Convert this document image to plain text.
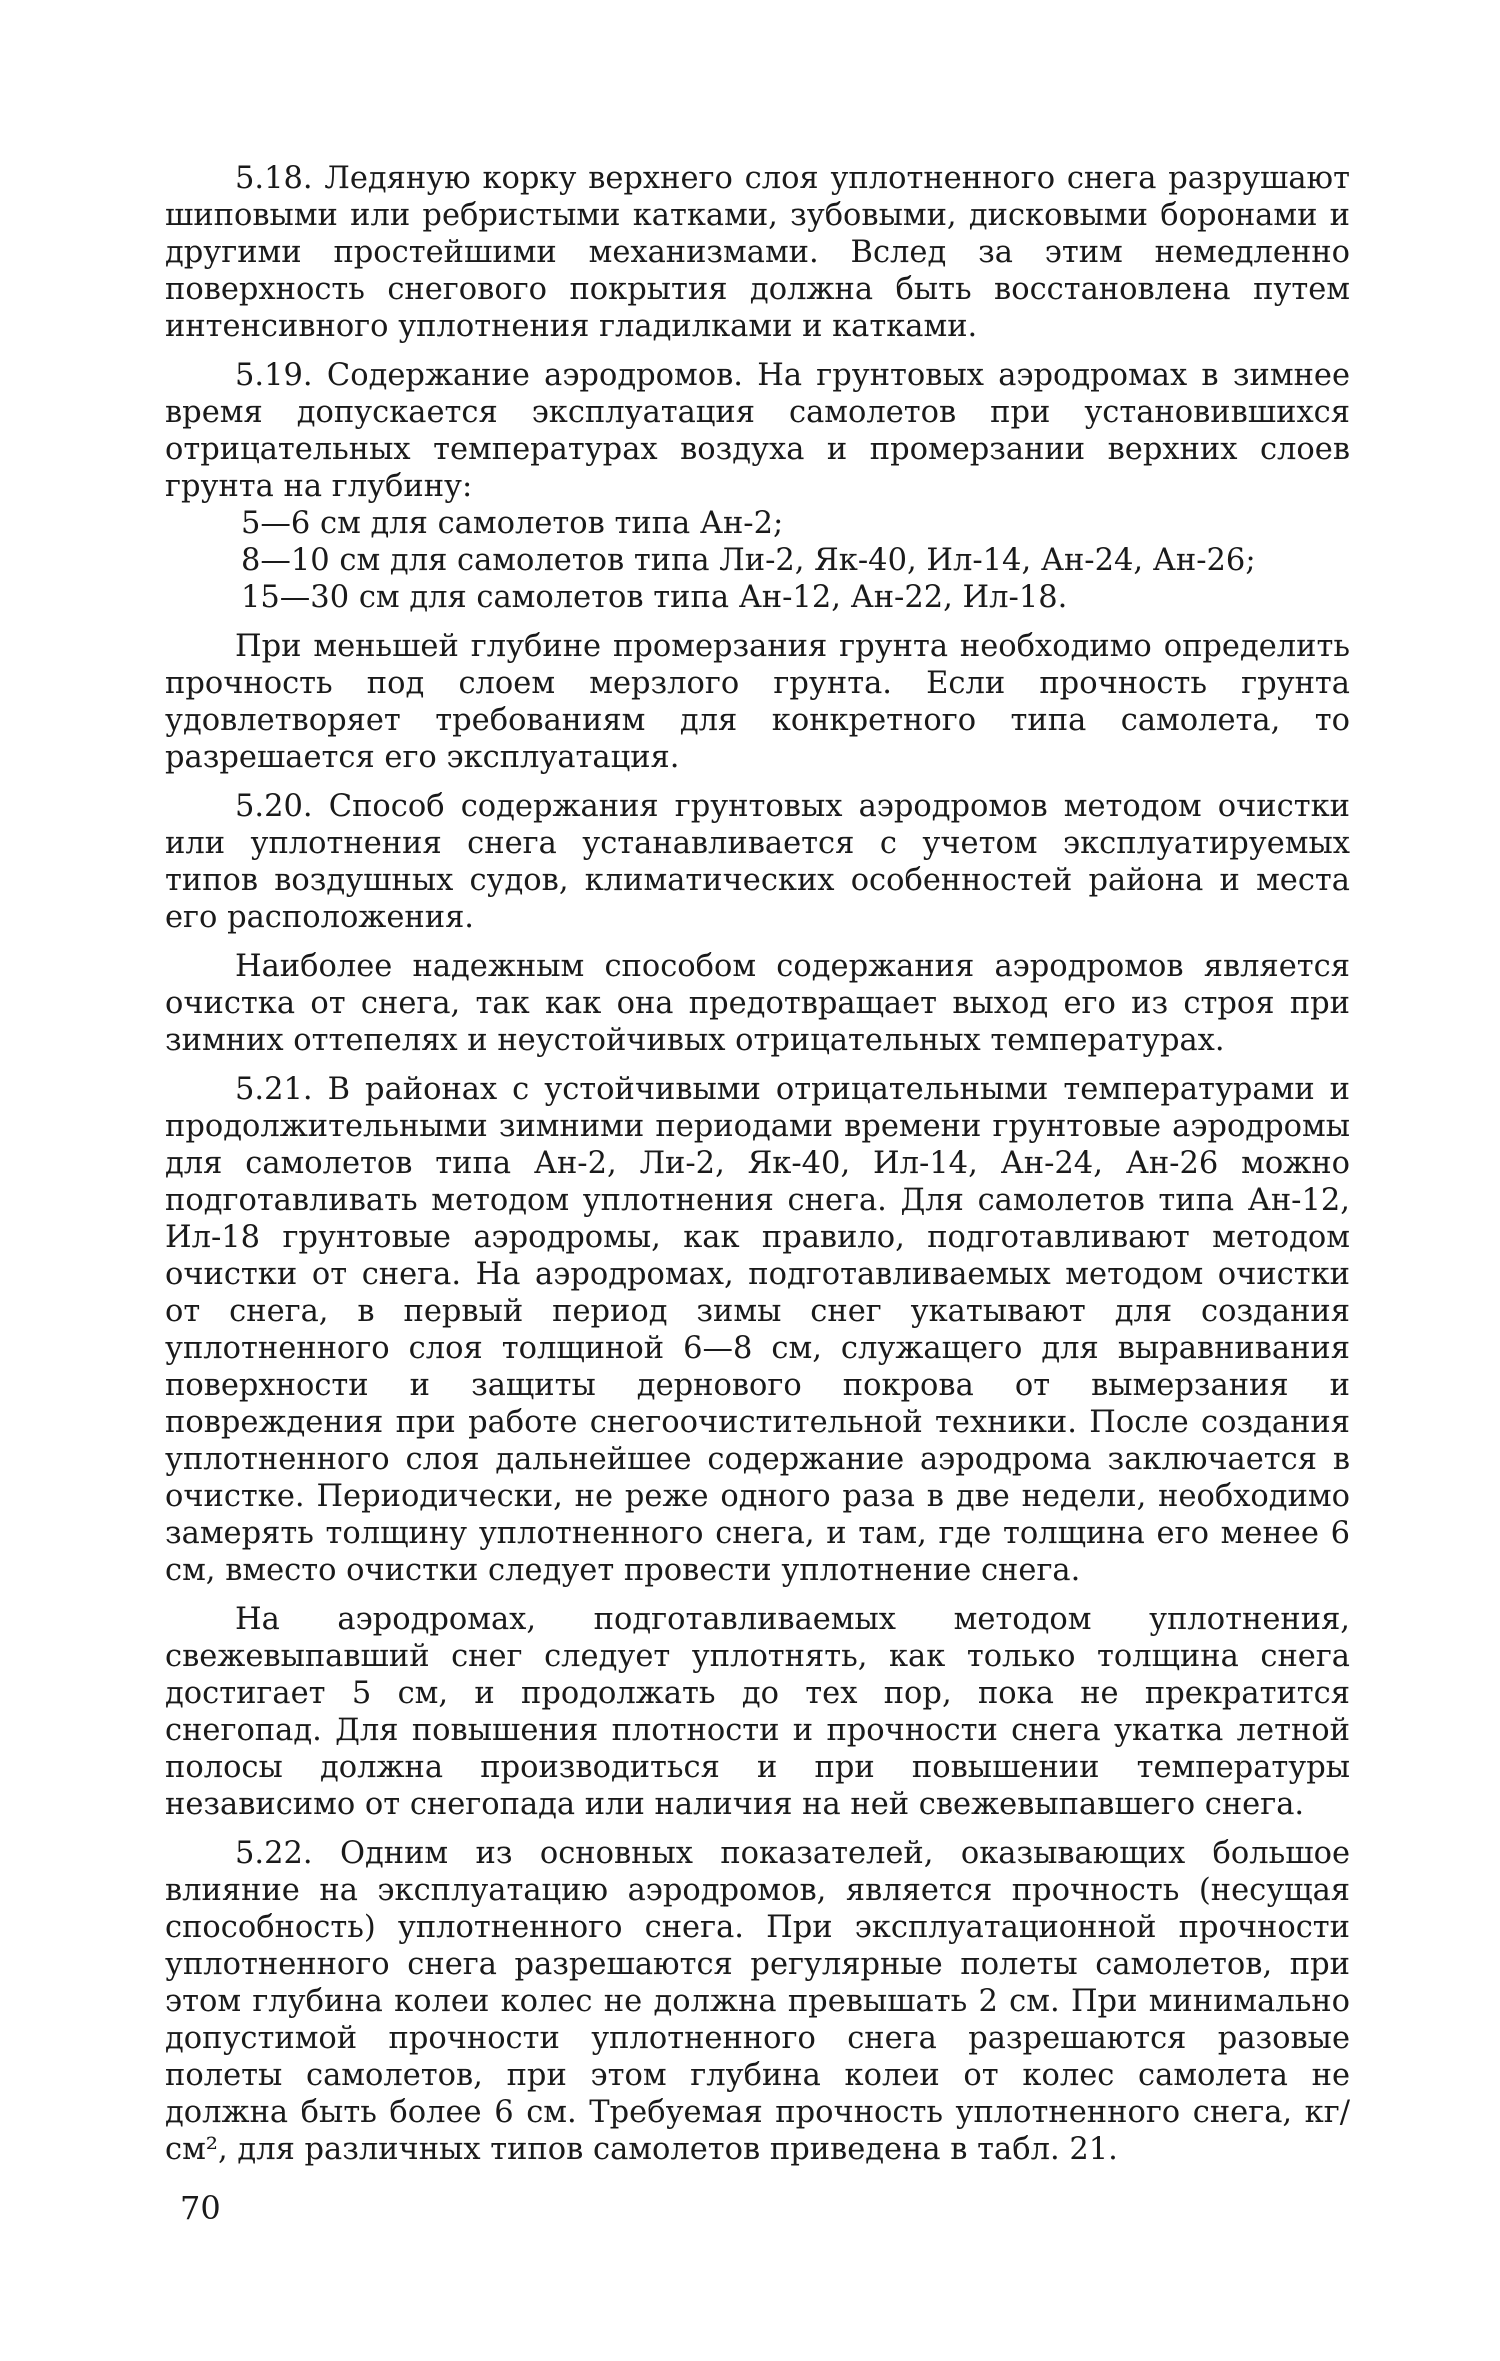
5.18. Ледяную корку верхнего слоя уплотненного снега разрушают шиповыми или ребристыми катками, зубовыми, дисковыми боронами и другими простейшими механизмами. Вслед за этим немедленно поверхность снегового покрытия должна быть восстановлена путем интенсивного уплотнения гладилками и катками.

5.19. Содержание аэродромов. На грунтовых аэродромах в зимнее время допускается эксплуатация самолетов при установившихся отрицательных температурах воздуха и промерзании верхних слоев грунта на глубину:

5—6 см для самолетов типа Ан-2;

8—10 см для самолетов типа Ли-2, Як-40, Ил-14, Ан-24, Ан-26;

15—30 см для самолетов типа Ан-12, Ан-22, Ил-18.

При меньшей глубине промерзания грунта необходимо определить прочность под слоем мерзлого грунта. Если прочность грунта удовлетворяет требованиям для конкретного типа самолета, то разрешается его эксплуатация.

5.20. Способ содержания грунтовых аэродромов методом очистки или уплотнения снега устанавливается с учетом эксплуатируемых типов воздушных судов, климатических особенностей района и места его расположения.

Наиболее надежным способом содержания аэродромов является очистка от снега, так как она предотвращает выход его из строя при зимних оттепелях и неустойчивых отрицательных температурах.

5.21. В районах с устойчивыми отрицательными температурами и продолжительными зимними периодами времени грунтовые аэродромы для самолетов типа Ан-2, Ли-2, Як-40, Ил-14, Ан-24, Ан-26 можно подготавливать методом уплотнения снега. Для самолетов типа Ан-12, Ил-18 грунтовые аэродромы, как правило, подготавливают методом очистки от снега. На аэродромах, подготавливаемых методом очистки от снега, в первый период зимы снег укатывают для создания уплотненного слоя толщиной 6—8 см, служащего для выравнивания поверхности и защиты дернового покрова от вымерзания и повреждения при работе снегоочистительной техники. После создания уплотненного слоя дальнейшее содержание аэродрома заключается в очистке. Периодически, не реже одного раза в две недели, необходимо замерять толщину уплотненного снега, и там, где толщина его менее 6 см, вместо очистки следует провести уплотнение снега.

На аэродромах, подготавливаемых методом уплотнения, свежевыпавший снег следует уплотнять, как только толщина снега достигает 5 см, и продолжать до тех пор, пока не прекратится снегопад. Для повышения плотности и прочности снега укатка летной полосы должна производиться и при повышении температуры независимо от снегопада или наличия на ней свежевыпавшего снега.

5.22. Одним из основных показателей, оказывающих большое влияние на эксплуатацию аэродромов, является прочность (несущая способность) уплотненного снега. При эксплуатационной прочности уплотненного снега разрешаются регулярные полеты самолетов, при этом глубина колеи колес не должна превышать 2 см. При минимально допустимой прочности уплотненного снега разрешаются разовые полеты самолетов, при этом глубина колеи от колес самолета не должна быть более 6 см. Требуемая прочность уплотненного снега, кг/см², для различных типов самолетов приведена в табл. 21.

70
